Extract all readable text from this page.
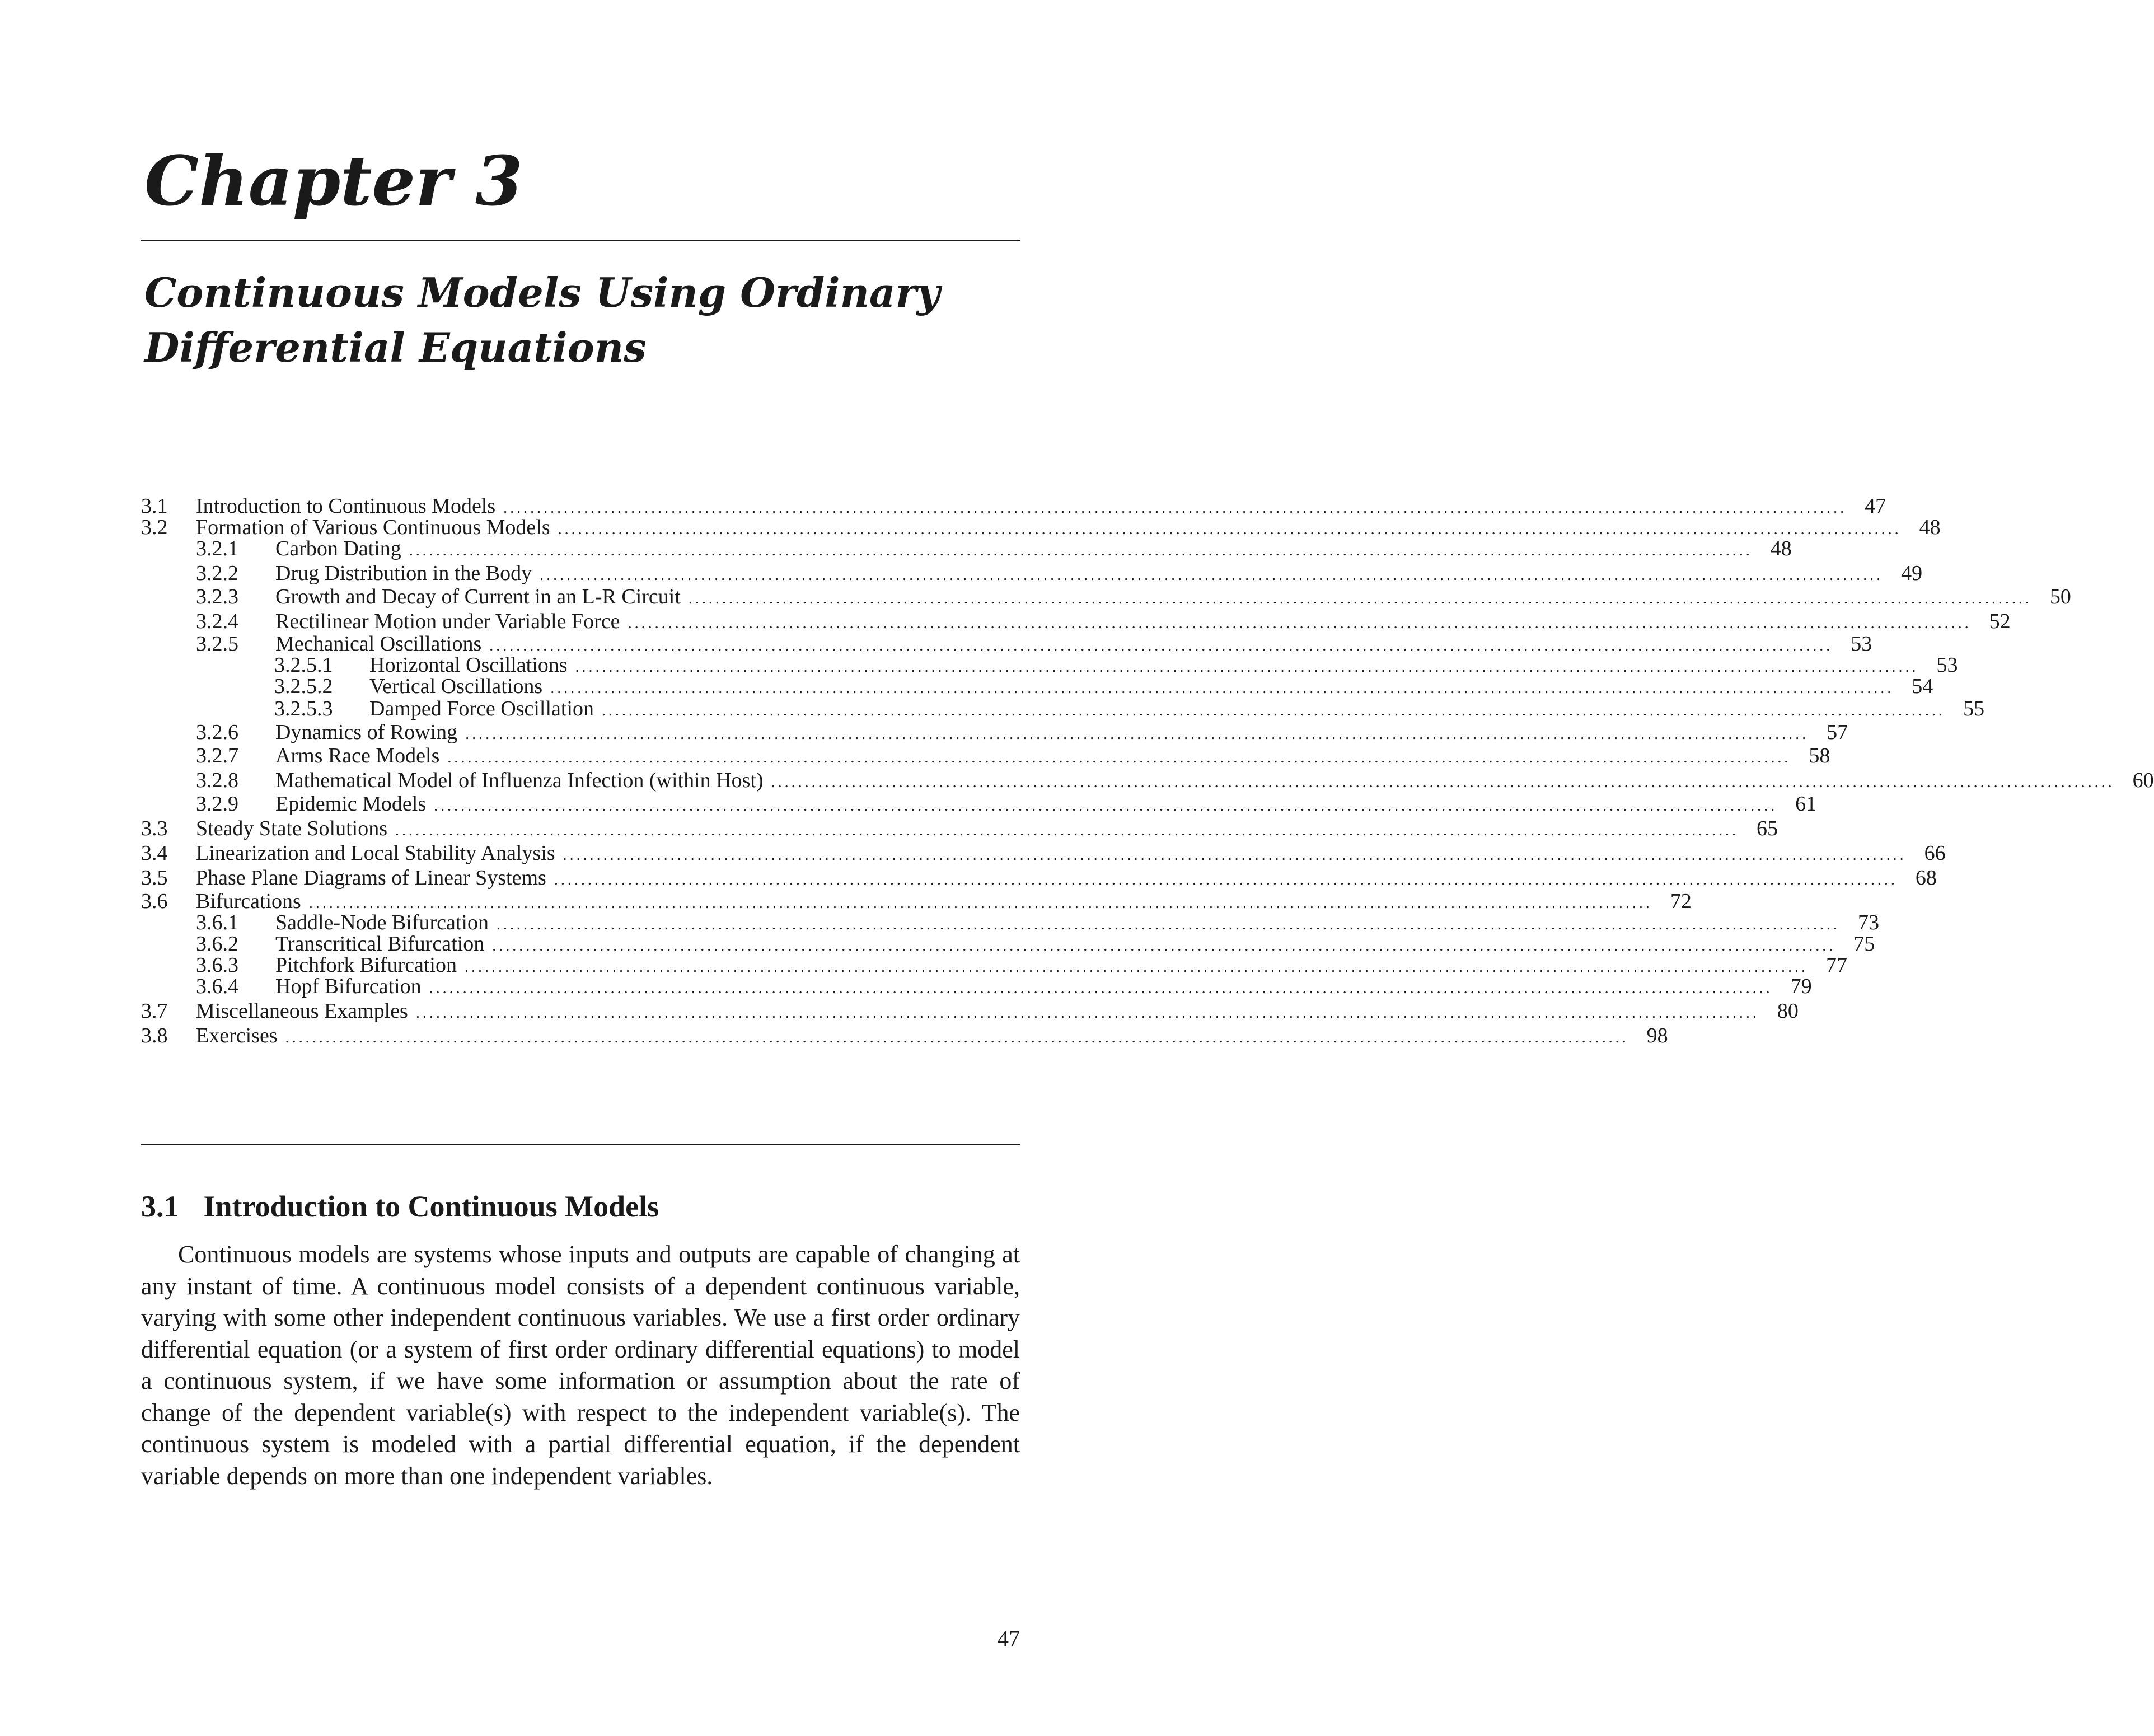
Chapter 3
Continuous Models Using Ordinary
Differential Equations
3.1	Introduction to Continuous Models ........................................................................................................................................................................................................ 47
3.2	Formation of Various Continuous Models ........................................................................................................................................................................................................ 48
3.2.1	Carbon Dating ........................................................................................................................................................................................................ 48
3.2.2	Drug Distribution in the Body ........................................................................................................................................................................................................ 49
3.2.3	Growth and Decay of Current in an L-R Circuit ........................................................................................................................................................................................................ 50
3.2.4	Rectilinear Motion under Variable Force ........................................................................................................................................................................................................ 52
3.2.5	Mechanical Oscillations ........................................................................................................................................................................................................ 53
3.2.5.1	Horizontal Oscillations ........................................................................................................................................................................................................ 53
3.2.5.2	Vertical Oscillations ........................................................................................................................................................................................................ 54
3.2.5.3	Damped Force Oscillation ........................................................................................................................................................................................................ 55
3.2.6	Dynamics of Rowing ........................................................................................................................................................................................................ 57
3.2.7	Arms Race Models ........................................................................................................................................................................................................ 58
3.2.8	Mathematical Model of Influenza Infection (within Host) ........................................................................................................................................................................................................ 60
3.2.9	Epidemic Models ........................................................................................................................................................................................................ 61
3.3	Steady State Solutions ........................................................................................................................................................................................................ 65
3.4	Linearization and Local Stability Analysis ........................................................................................................................................................................................................ 66
3.5	Phase Plane Diagrams of Linear Systems ........................................................................................................................................................................................................ 68
3.6	Bifurcations ........................................................................................................................................................................................................ 72
3.6.1	Saddle-Node Bifurcation ........................................................................................................................................................................................................ 73
3.6.2	Transcritical Bifurcation ........................................................................................................................................................................................................ 75
3.6.3	Pitchfork Bifurcation ........................................................................................................................................................................................................ 77
3.6.4	Hopf Bifurcation ........................................................................................................................................................................................................ 79
3.7	Miscellaneous Examples ........................................................................................................................................................................................................ 80
3.8	Exercises ........................................................................................................................................................................................................ 98
3.1 Introduction to Continuous Models

Continuous models are systems whose inputs and outputs are capable of changing at any instant of time. A continuous model consists of a dependent continuous variable, varying with some other independent continuous variables. We use a first order ordinary differential equation (or a system of first order ordinary differential equations) to model a continuous system, if we have some information or assumption about the rate of change of the dependent variable(s) with respect to the independent variable(s). The continuous system is modeled with a partial differential equation, if the dependent variable depends on more than one independent variables.

47
